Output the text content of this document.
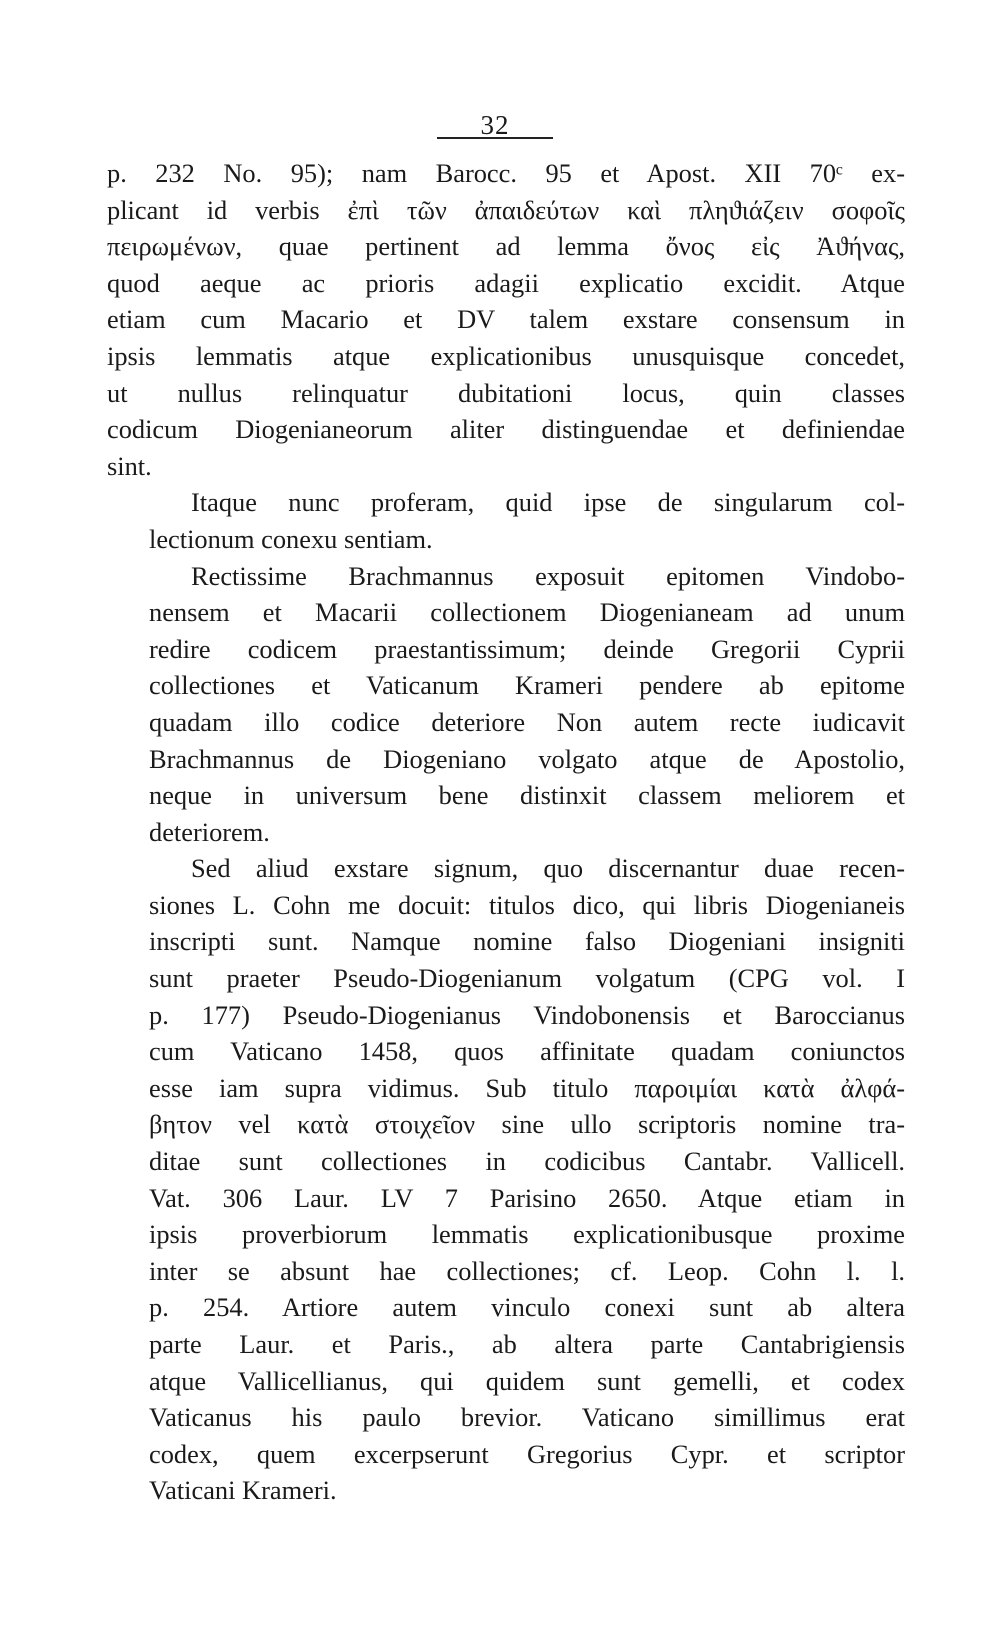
32

p. 232 No. 95); nam Barocc. 95 et Apost. XII 70ᶜ ex-
plicant id verbis ἐπὶ τῶν ἀπαιδεύτων καὶ πληϑιάζειν σοφοῖς
πειρωμένων, quae pertinent ad lemma ὄνος εἰς Ἀϑήνας,
quod aeque ac prioris adagii explicatio excidit. Atque
etiam cum Macario et DV talem exstare consensum in
ipsis lemmatis atque explicationibus unusquisque concedet,
ut nullus relinquatur dubitationi locus, quin classes
codicum Diogenianeorum aliter distinguendae et definiendae
sint.

Itaque nunc proferam, quid ipse de singularum col-
lectionum conexu sentiam.

Rectissime Brachmannus exposuit epitomen Vindobo-
nensem et Macarii collectionem Diogenianeam ad unum
redire codicem praestantissimum; deinde Gregorii Cyprii
collectiones et Vaticanum Krameri pendere ab epitome
quadam illo codice deteriore Non autem recte iudicavit
Brachmannus de Diogeniano volgato atque de Apostolio,
neque in universum bene distinxit classem meliorem et
deteriorem.

Sed aliud exstare signum, quo discernantur duae recen-
siones L. Cohn me docuit: titulos dico, qui libris Diogenianeis
inscripti sunt. Namque nomine falso Diogeniani insigniti
sunt praeter Pseudo-Diogenianum volgatum (CPG vol. I
p. 177) Pseudo-Diogenianus Vindobonensis et Baroccianus
cum Vaticano 1458, quos affinitate quadam coniunctos
esse iam supra vidimus. Sub titulo παροιμίαι κατὰ ἀλφά-
βητον vel κατὰ στοιχεῖον sine ullo scriptoris nomine tra-
ditae sunt collectiones in codicibus Cantabr. Vallicell.
Vat. 306 Laur. LV 7 Parisino 2650. Atque etiam in
ipsis proverbiorum lemmatis explicationibusque proxime
inter se absunt hae collectiones; cf. Leop. Cohn l. l.
p. 254. Artiore autem vinculo conexi sunt ab altera
parte Laur. et Paris., ab altera parte Cantabrigiensis
atque Vallicellianus, qui quidem sunt gemelli, et codex
Vaticanus his paulo brevior. Vaticano simillimus erat
codex, quem excerpserunt Gregorius Cypr. et scriptor
Vaticani Krameri.
